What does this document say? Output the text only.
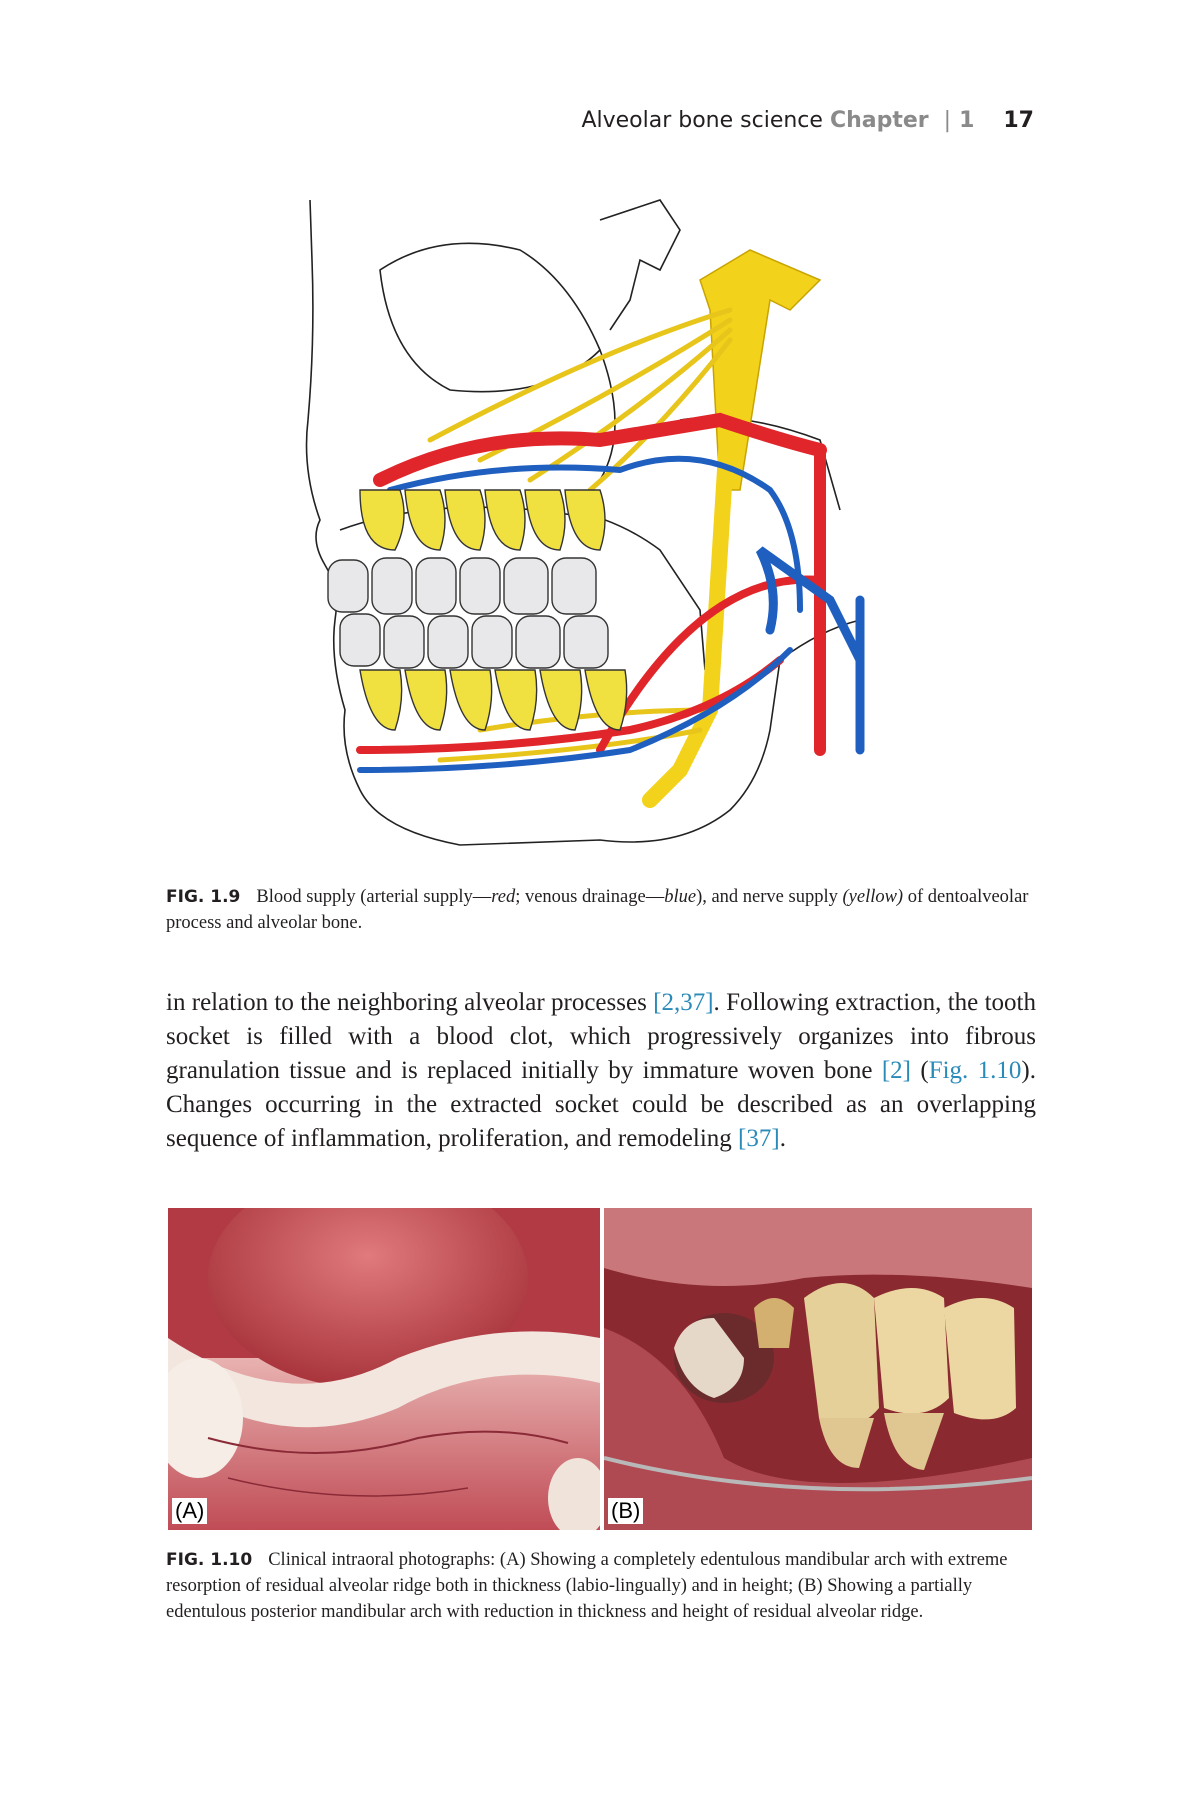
Alveolar bone science Chapter | 1 17
FIG. 1.9 Blood supply (arterial supply—red; venous drainage—blue), and nerve supply (yellow) of dentoalveolar process and alveolar bone.
in relation to the neighboring alveolar processes [2,37]. Following extraction, the tooth socket is filled with a blood clot, which progressively organizes into fibrous granulation tissue and is replaced initially by immature woven bone [2] (Fig. 1.10). Changes occurring in the extracted socket could be described as an overlapping sequence of inflammation, proliferation, and remodeling [37].
(A)	(B)
FIG. 1.10 Clinical intraoral photographs: (A) Showing a completely edentulous mandibular arch with extreme resorption of residual alveolar ridge both in thickness (labio-lingually) and in height; (B) Showing a partially edentulous posterior mandibular arch with reduction in thickness and height of residual alveolar ridge.
